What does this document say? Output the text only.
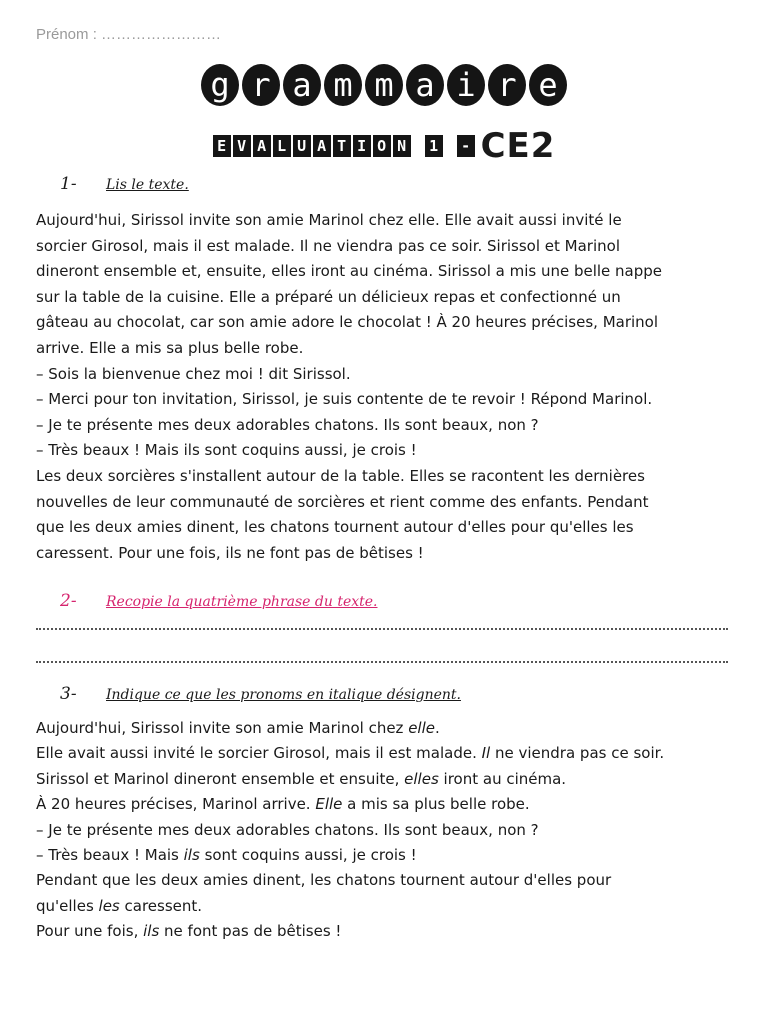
Prénom : ……………………
g r a m m a i r e
E V A L U A T I O N 1 - CE2
1- Lis le texte.
Aujourd'hui, Sirissol invite son amie Marinol chez elle. Elle avait aussi invité le
sorcier Girosol, mais il est malade. Il ne viendra pas ce soir. Sirissol et Marinol
dineront ensemble et, ensuite, elles iront au cinéma. Sirissol a mis une belle nappe
sur la table de la cuisine. Elle a préparé un délicieux repas et confectionné un
gâteau au chocolat, car son amie adore le chocolat ! À 20 heures précises, Marinol
arrive. Elle a mis sa plus belle robe.
– Sois la bienvenue chez moi ! dit Sirissol.
– Merci pour ton invitation, Sirissol, je suis contente de te revoir ! Répond Marinol.
– Je te présente mes deux adorables chatons. Ils sont beaux, non ?
– Très beaux ! Mais ils sont coquins aussi, je crois !
Les deux sorcières s'installent autour de la table. Elles se racontent les dernières
nouvelles de leur communauté de sorcières et rient comme des enfants. Pendant
que les deux amies dinent, les chatons tournent autour d'elles pour qu'elles les
caressent. Pour une fois, ils ne font pas de bêtises !
2- Recopie la quatrième phrase du texte.
3- Indique ce que les pronoms en italique désignent.
Aujourd'hui, Sirissol invite son amie Marinol chez elle.
Elle avait aussi invité le sorcier Girosol, mais il est malade. Il ne viendra pas ce soir.
Sirissol et Marinol dineront ensemble et ensuite, elles iront au cinéma.
À 20 heures précises, Marinol arrive. Elle a mis sa plus belle robe.
– Je te présente mes deux adorables chatons. Ils sont beaux, non ?
– Très beaux ! Mais ils sont coquins aussi, je crois !
Pendant que les deux amies dinent, les chatons tournent autour d'elles pour
qu'elles les caressent.
Pour une fois, ils ne font pas de bêtises !
